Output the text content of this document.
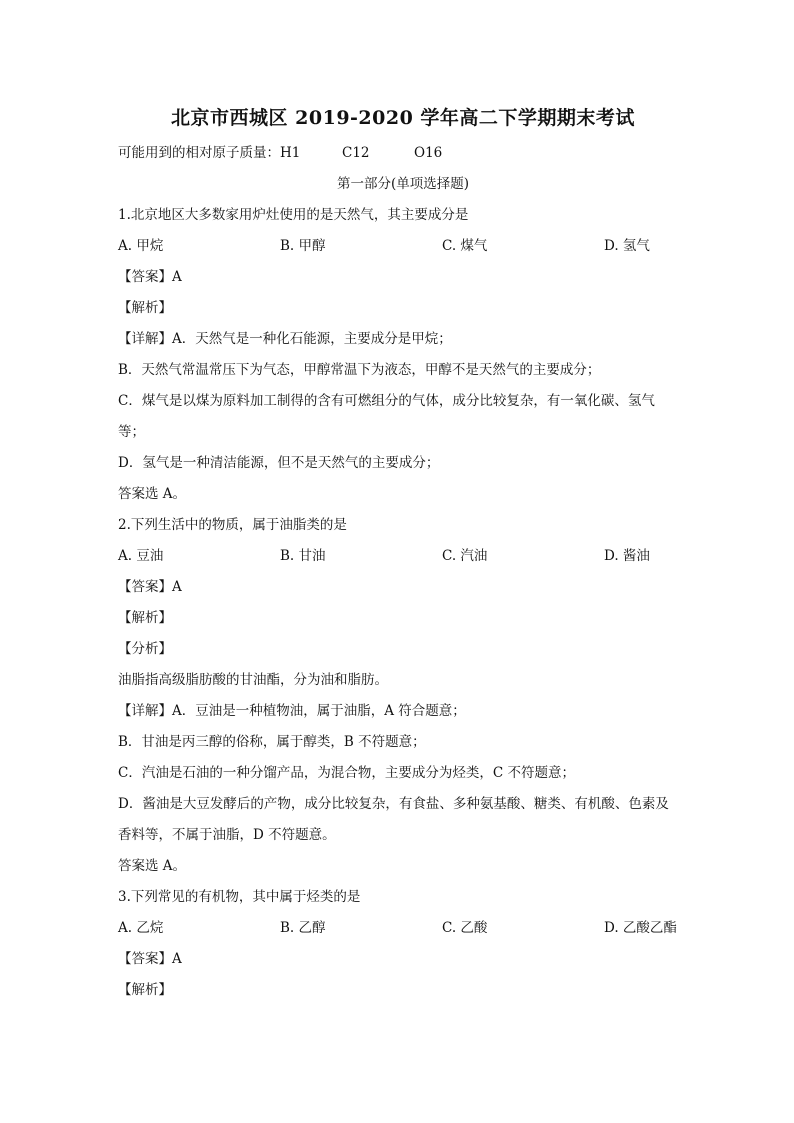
北京市西城区 2019-2020 学年高二下学期期末考试
可能用到的相对原子质量：H1	C12	O16
第一部分(单项选择题)
1.北京地区大多数家用炉灶使用的是天然气，其主要成分是
A. 甲烷	B. 甲醇	C. 煤气	D. 氢气
【答案】A
【解析】
【详解】A．天然气是一种化石能源，主要成分是甲烷；
B．天然气常温常压下为气态，甲醇常温下为液态，甲醇不是天然气的主要成分；
C．煤气是以煤为原料加工制得的含有可燃组分的气体，成分比较复杂，有一氧化碳、氢气等；
D．氢气是一种清洁能源，但不是天然气的主要成分；
答案选 A。
2.下列生活中的物质，属于油脂类的是
A. 豆油	B. 甘油	C. 汽油	D. 酱油
【答案】A
【解析】
【分析】
油脂指高级脂肪酸的甘油酯，分为油和脂肪。
【详解】A．豆油是一种植物油，属于油脂，A 符合题意；
B．甘油是丙三醇的俗称，属于醇类，B 不符题意；
C．汽油是石油的一种分馏产品，为混合物，主要成分为烃类，C 不符题意；
D．酱油是大豆发酵后的产物，成分比较复杂，有食盐、多种氨基酸、糖类、有机酸、色素及香料等，不属于油脂，D 不符题意。
答案选 A。
3.下列常见的有机物，其中属于烃类的是
A. 乙烷	B. 乙醇	C. 乙酸	D. 乙酸乙酯
【答案】A
【解析】
